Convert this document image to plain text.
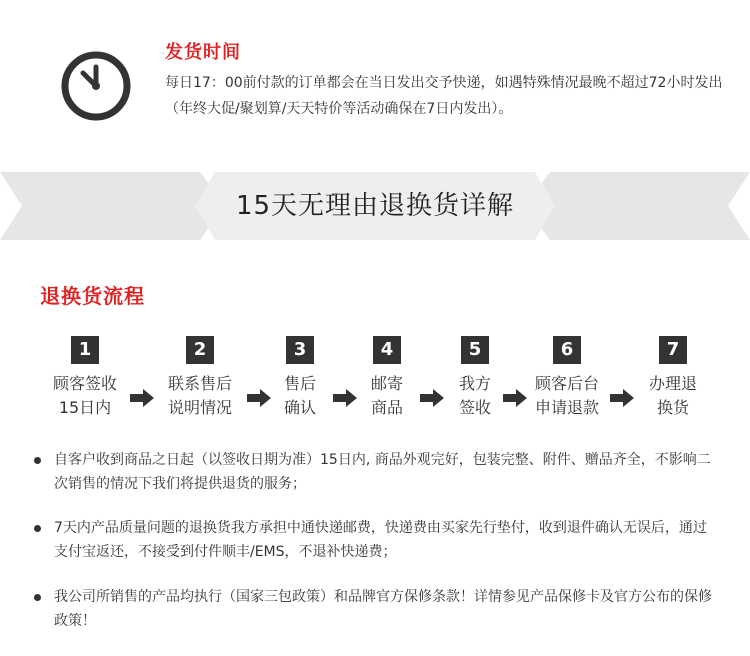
发货时间
每日17：00前付款的订单都会在当日发出交予快递，如遇特殊情况最晚不超过72小时发出（年终大促/聚划算/天天特价等活动确保在7日内发出）。
15天无理由退换货详解
退换货流程
1
顾客签收
15日内
2
联系售后
说明情况
3
售后
确认
4
邮寄
商品
5
我方
签收
6
顾客后台
申请退款
7
办理退
换货
自客户收到商品之日起（以签收日期为准）15日内, 商品外观完好，包装完整、附件、赠品齐全，不影响二次销售的情况下我们将提供退货的服务；
7天内产品质量问题的退换货我方承担中通快递邮费，快递费由买家先行垫付，收到退件确认无误后，通过支付宝返还，不接受到付件顺丰/EMS，不退补快递费；
我公司所销售的产品均执行（国家三包政策）和品牌官方保修条款！详情参见产品保修卡及官方公布的保修政策！
